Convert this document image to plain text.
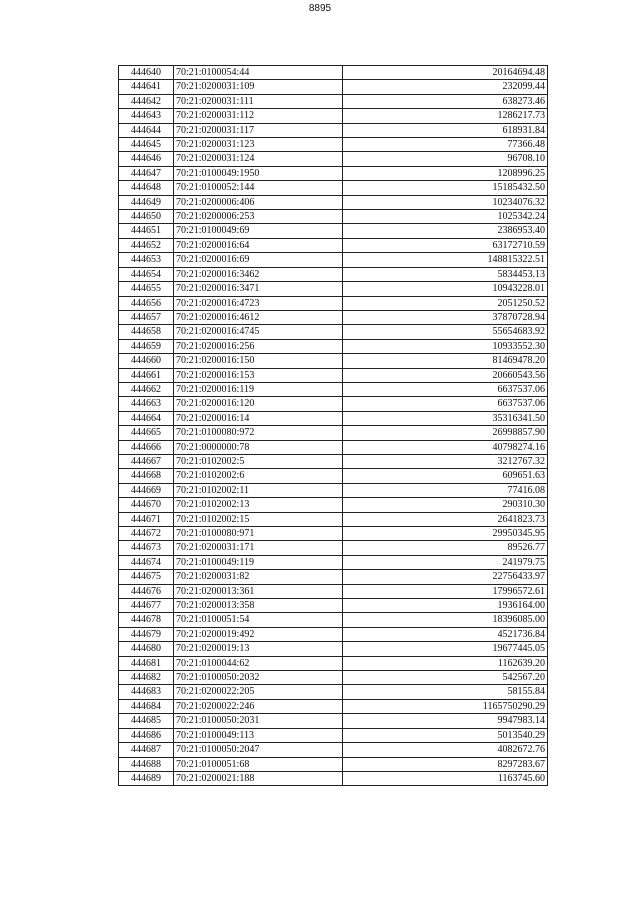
8895
444640	70:21:0100054:44	20164694.48
444641	70:21:0200031:109	232099.44
444642	70:21:0200031:111	638273.46
444643	70:21:0200031:112	1286217.73
444644	70:21:0200031:117	618931.84
444645	70:21:0200031:123	77366.48
444646	70:21:0200031:124	96708.10
444647	70:21:0100049:1950	1208996.25
444648	70:21:0100052:144	15185432.50
444649	70:21:0200006:406	10234076.32
444650	70:21:0200006:253	1025342.24
444651	70:21:0100049:69	2386953.40
444652	70:21:0200016:64	63172710.59
444653	70:21:0200016:69	148815322.51
444654	70:21:0200016:3462	5834453.13
444655	70:21:0200016:3471	10943228.01
444656	70:21:0200016:4723	2051250.52
444657	70:21:0200016:4612	37870728.94
444658	70:21:0200016:4745	55654683.92
444659	70:21:0200016:256	10933552.30
444660	70:21:0200016:150	81469478.20
444661	70:21:0200016:153	20660543.56
444662	70:21:0200016:119	6637537.06
444663	70:21:0200016:120	6637537.06
444664	70:21:0200016:14	35316341.50
444665	70:21:0100080:972	26998857.90
444666	70:21:0000000:78	40798274.16
444667	70:21:0102002:5	3212767.32
444668	70:21:0102002:6	609651.63
444669	70:21:0102002:11	77416.08
444670	70:21:0102002:13	290310.30
444671	70:21:0102002:15	2641823.73
444672	70:21:0100080:971	29950345.95
444673	70:21:0200031:171	89526.77
444674	70:21:0100049:119	241979.75
444675	70:21:0200031:82	22756433.97
444676	70:21:0200013:361	17996572.61
444677	70:21:0200013:358	1936164.00
444678	70:21:0100051:54	18396085.00
444679	70:21:0200019:492	4521736.84
444680	70:21:0200019:13	19677445.05
444681	70:21:0100044:62	1162639.20
444682	70:21:0100050:2032	542567.20
444683	70:21:0200022:205	58155.84
444684	70:21:0200022:246	1165750290.29
444685	70:21:0100050:2031	9947983.14
444686	70:21:0100049:113	5013540.29
444687	70:21:0100050:2047	4082672.76
444688	70:21:0100051:68	8297283.67
444689	70:21:0200021:188	1163745.60
